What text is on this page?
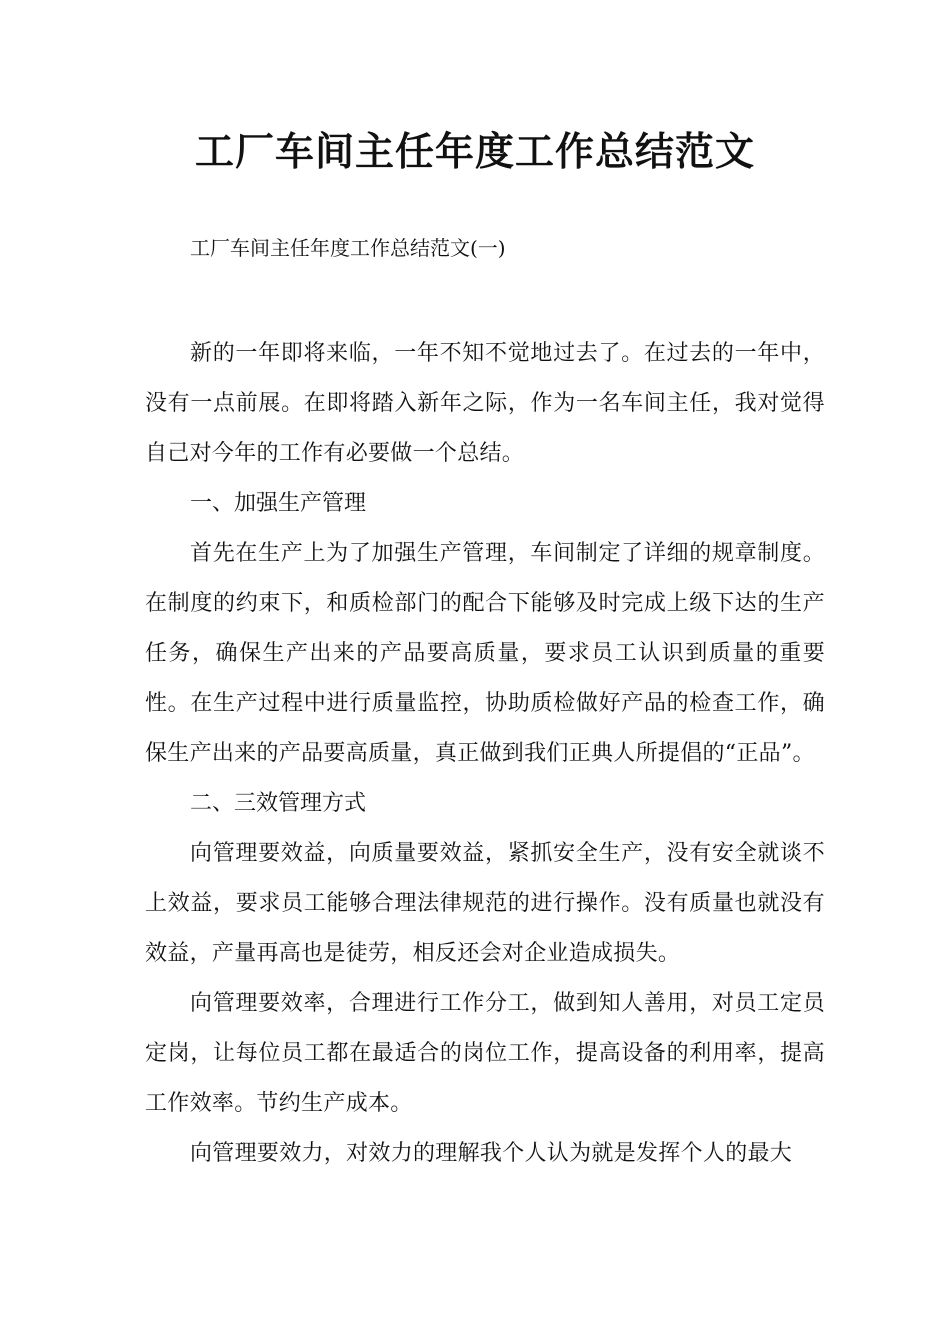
工厂车间主任年度工作总结范文
工厂车间主任年度工作总结范文(一)

新的一年即将来临，一年不知不觉地过去了。在过去的一年中，没有一点前展。在即将踏入新年之际，作为一名车间主任，我对觉得自己对今年的工作有必要做一个总结。

一、加强生产管理

首先在生产上为了加强生产管理，车间制定了详细的规章制度。在制度的约束下，和质检部门的配合下能够及时完成上级下达的生产任务，确保生产出来的产品要高质量，要求员工认识到质量的重要性。在生产过程中进行质量监控，协助质检做好产品的检查工作，确保生产出来的产品要高质量，真正做到我们正典人所提倡的“正品”。

二、三效管理方式

向管理要效益，向质量要效益，紧抓安全生产，没有安全就谈不上效益，要求员工能够合理法律规范的进行操作。没有质量也就没有效益，产量再高也是徒劳，相反还会对企业造成损失。

向管理要效率，合理进行工作分工，做到知人善用，对员工定员定岗，让每位员工都在最适合的岗位工作，提高设备的利用率，提高工作效率。节约生产成本。

向管理要效力，对效力的理解我个人认为就是发挥个人的最大
